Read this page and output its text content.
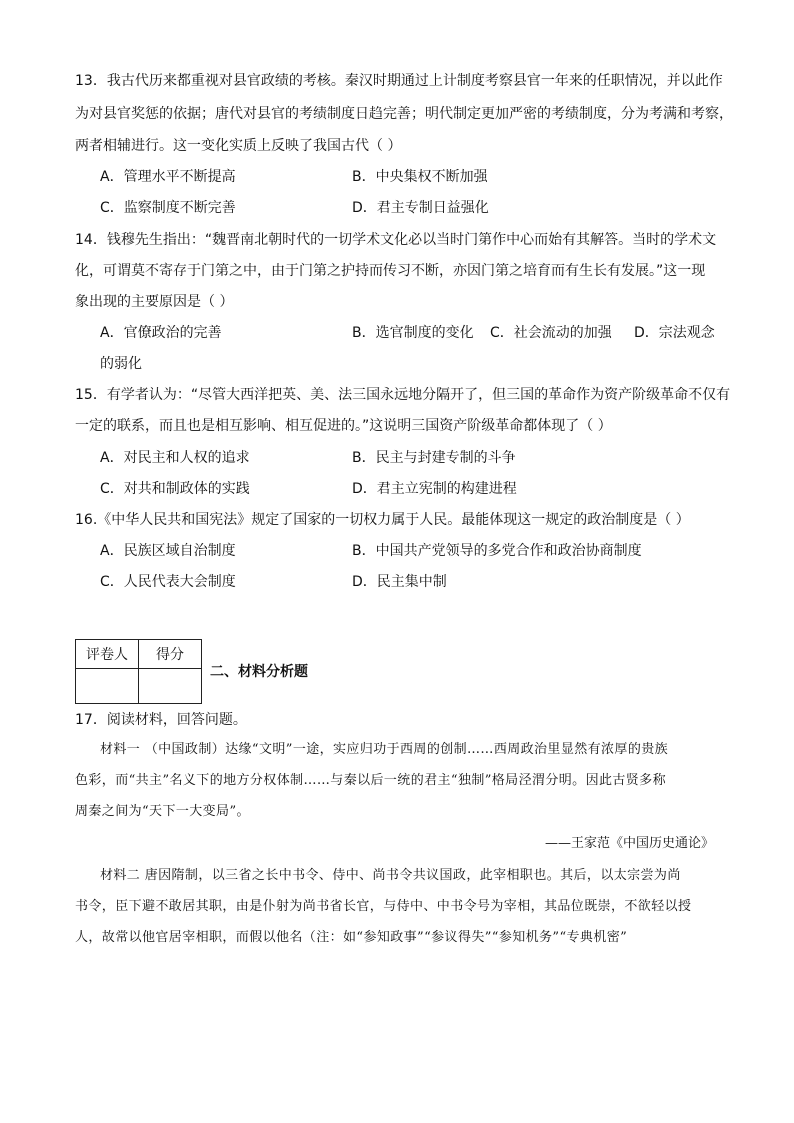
13．我古代历来都重视对县官政绩的考核。秦汉时期通过上计制度考察县官一年来的任职情况，并以此作
为对县官奖惩的依据；唐代对县官的考绩制度日趋完善；明代制定更加严密的考绩制度，分为考满和考察，
两者相辅进行。这一变化实质上反映了我国古代（ ）
A．管理水平不断提高	B．中央集权不断加强
C．监察制度不断完善	D．君主专制日益强化
14．钱穆先生指出：“魏晋南北朝时代的一切学术文化必以当时门第作中心而始有其解答。当时的学术文
化，可谓莫不寄存于门第之中，由于门第之护持而传习不断，亦因门第之培育而有生长有发展。”这一现
象出现的主要原因是（ ）
A．官僚政治的完善	B．选官制度的变化 C．社会流动的加强 D．宗法观念
的弱化
15．有学者认为：“尽管大西洋把英、美、法三国永远地分隔开了，但三国的革命作为资产阶级革命不仅有
一定的联系，而且也是相互影响、相互促进的。”这说明三国资产阶级革命都体现了（ ）
A．对民主和人权的追求	B．民主与封建专制的斗争
C．对共和制政体的实践	D．君主立宪制的构建进程
16.《中华人民共和国宪法》规定了国家的一切权力属于人民。最能体现这一规定的政治制度是（ ）
A．民族区域自治制度	B．中国共产党领导的多党合作和政治协商制度
C．人民代表大会制度	D．民主集中制
评卷人	得分

二、材料分析题
17．阅读材料，回答问题。
材料一 （中国政制）达缘“文明”一途，实应归功于西周的创制……西周政治里显然有浓厚的贵族
色彩，而“共主”名义下的地方分权体制……与秦以后一统的君主“独制”格局泾渭分明。因此古贤多称
周秦之间为“天下一大变局”。
——王家范《中国历史通论》
材料二 唐因隋制，以三省之长中书令、侍中、尚书令共议国政，此宰相职也。其后，以太宗尝为尚
书令，臣下避不敢居其职，由是仆射为尚书省长官，与侍中、中书令号为宰相，其品位既崇，不欲轻以授
人，故常以他官居宰相职，而假以他名（注：如“参知政事”“参议得失”“参知机务”“专典机密”
